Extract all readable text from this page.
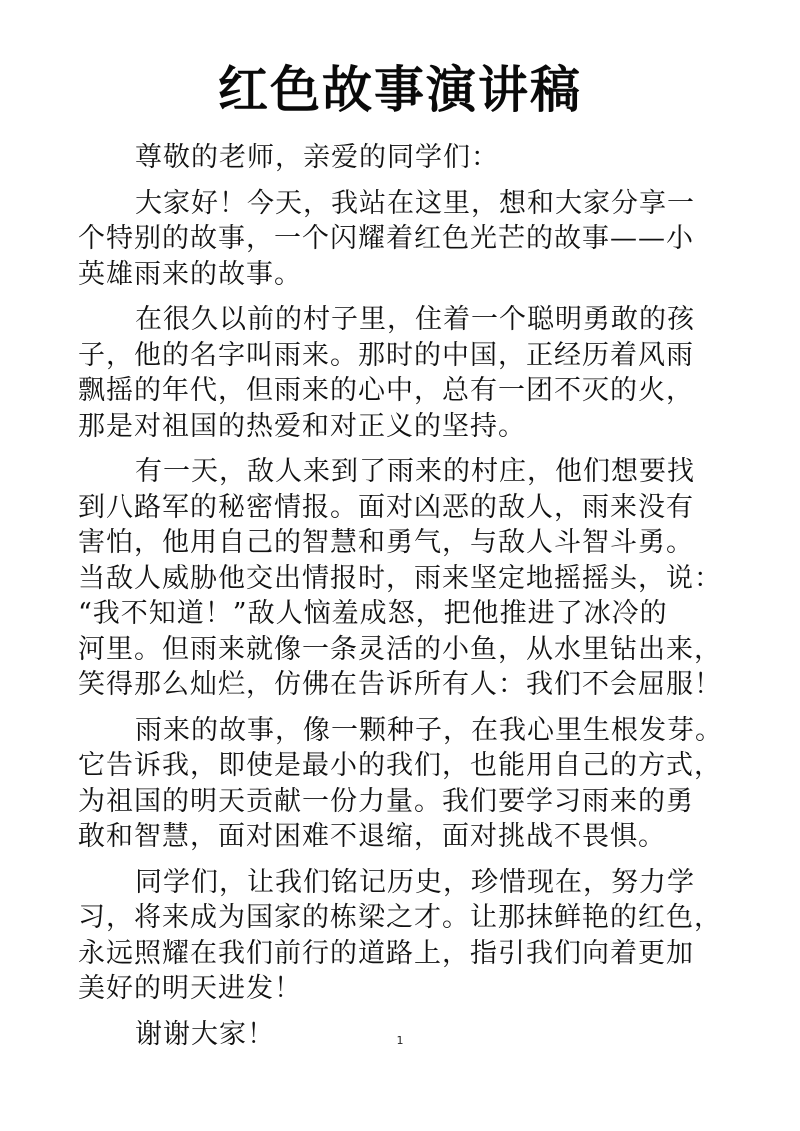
红色故事演讲稿

尊敬的老师，亲爱的同学们：

大家好！今天，我站在这里，想和大家分享一
个特别的故事，一个闪耀着红色光芒的故事——小
英雄雨来的故事。

在很久以前的村子里，住着一个聪明勇敢的孩
子，他的名字叫雨来。那时的中国，正经历着风雨
飘摇的年代，但雨来的心中，总有一团不灭的火，
那是对祖国的热爱和对正义的坚持。

有一天，敌人来到了雨来的村庄，他们想要找
到八路军的秘密情报。面对凶恶的敌人，雨来没有
害怕，他用自己的智慧和勇气，与敌人斗智斗勇。
当敌人威胁他交出情报时，雨来坚定地摇摇头，说：
“我不知道！”敌人恼羞成怒，把他推进了冰冷的
河里。但雨来就像一条灵活的小鱼，从水里钻出来，
笑得那么灿烂，仿佛在告诉所有人：我们不会屈服！

雨来的故事，像一颗种子，在我心里生根发芽。
它告诉我，即使是最小的我们，也能用自己的方式，
为祖国的明天贡献一份力量。我们要学习雨来的勇
敢和智慧，面对困难不退缩，面对挑战不畏惧。

同学们，让我们铭记历史，珍惜现在，努力学
习，将来成为国家的栋梁之才。让那抹鲜艳的红色，
永远照耀在我们前行的道路上，指引我们向着更加
美好的明天进发！

谢谢大家！	1
